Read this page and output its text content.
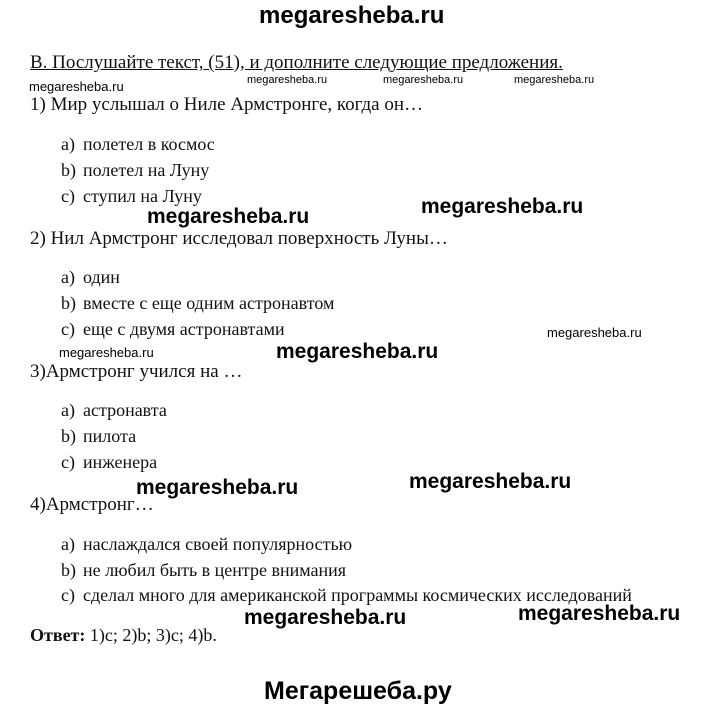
megaresheba.ru
B. Послушайте текст, (51), и дополните следующие предложения.
megaresheba.ru	megaresheba.ru	megaresheba.ru
megaresheba.ru
1) Мир услышал о Ниле Армстронге, когда он…
a) полетел в космос
b) полетел на Луну
c) ступил на Луну
megaresheba.ru	megaresheba.ru
2) Нил Армстронг исследовал поверхность Луны…
a) один
b) вместе с еще одним астронавтом
c) еще с двумя астронавтами	megaresheba.ru
megaresheba.ru	megaresheba.ru
3)Армстронг учился на …
a) астронавта
b) пилота
c) инженера
megaresheba.ru	megaresheba.ru
4)Армстронг…
a) наслаждался своей популярностью
b) не любил быть в центре внимания
c) сделал много для американской программы космических исследований
megaresheba.ru	megaresheba.ru
Ответ: 1)c; 2)b; 3)c; 4)b.
Мегарешеба.ру
